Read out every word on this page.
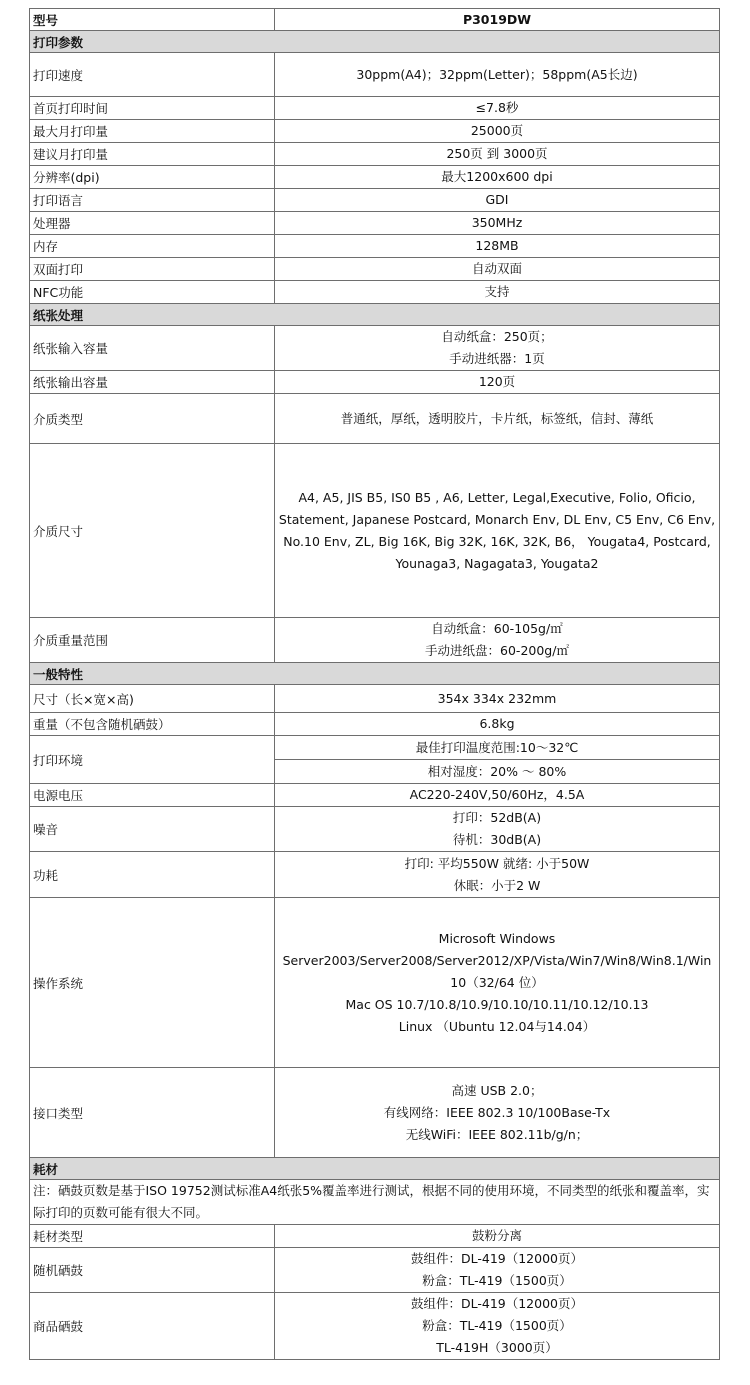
型号	P3019DW
打印参数	
打印速度	30ppm(A4)；32ppm(Letter)；58ppm(A5长边)

首页打印时间	≤7.8秒

最大月打印量	25000页

建议月打印量	250页 到 3000页

分辨率(dpi)	最大1200x600 dpi

打印语言	GDI

处理器	350MHz

内存	128MB

双面打印	自动双面

NFC功能	支持

纸张处理	
纸张输入容量	自动纸盒：250页；
手动进纸器：1页

纸张输出容量	120页

介质类型	普通纸，厚纸，透明胶片，卡片纸，标签纸，信封、薄纸

介质尺寸	A4, A5, JIS B5, IS0 B5 , A6, Letter, Legal,Executive, Folio, Oficio,
Statement, Japanese Postcard, Monarch Env, DL Env, C5 Env, C6 Env,
No.10 Env, ZL, Big 16K, Big 32K, 16K, 32K, B6， Yougata4, Postcard,
Younaga3, Nagagata3, Yougata2

介质重量范围	自动纸盒：60-105g/㎡
手动进纸盘：60-200g/㎡

一般特性	
尺寸（长×宽×高)	354x 334x 232mm

重量（不包含随机硒鼓）	6.8kg

打印环境	最佳打印温度范围:10～32℃

	相对湿度：20% ～ 80%

电源电压	AC220-240V,50/60Hz，4.5A

噪音	打印：52dB(A)
待机：30dB(A)

功耗	打印: 平均550W 就绪: 小于50W
休眠：小于2 W

操作系统	Microsoft Windows
Server2003/Server2008/Server2012/XP/Vista/Win7/Win8/Win8.1/Win
10（32/64 位）
Mac OS 10.7/10.8/10.9/10.10/10.11/10.12/10.13
Linux （Ubuntu 12.04与14.04）

接口类型	高速 USB 2.0；
有线网络：IEEE 802.3 10/100Base-Tx
无线WiFi：IEEE 802.11b/g/n；

耗材	
注：硒鼓页数是基于ISO 19752测试标准A4纸张5%覆盖率进行测试，根据不同的使用环境，不同类型的纸张和覆盖率，实际打印的页数可能有很大不同。	
耗材类型	鼓粉分离

随机硒鼓	鼓组件：DL-419（12000页）
粉盒：TL-419（1500页）

商品硒鼓	鼓组件：DL-419（12000页）
粉盒：TL-419（1500页）
TL-419H（3000页）
